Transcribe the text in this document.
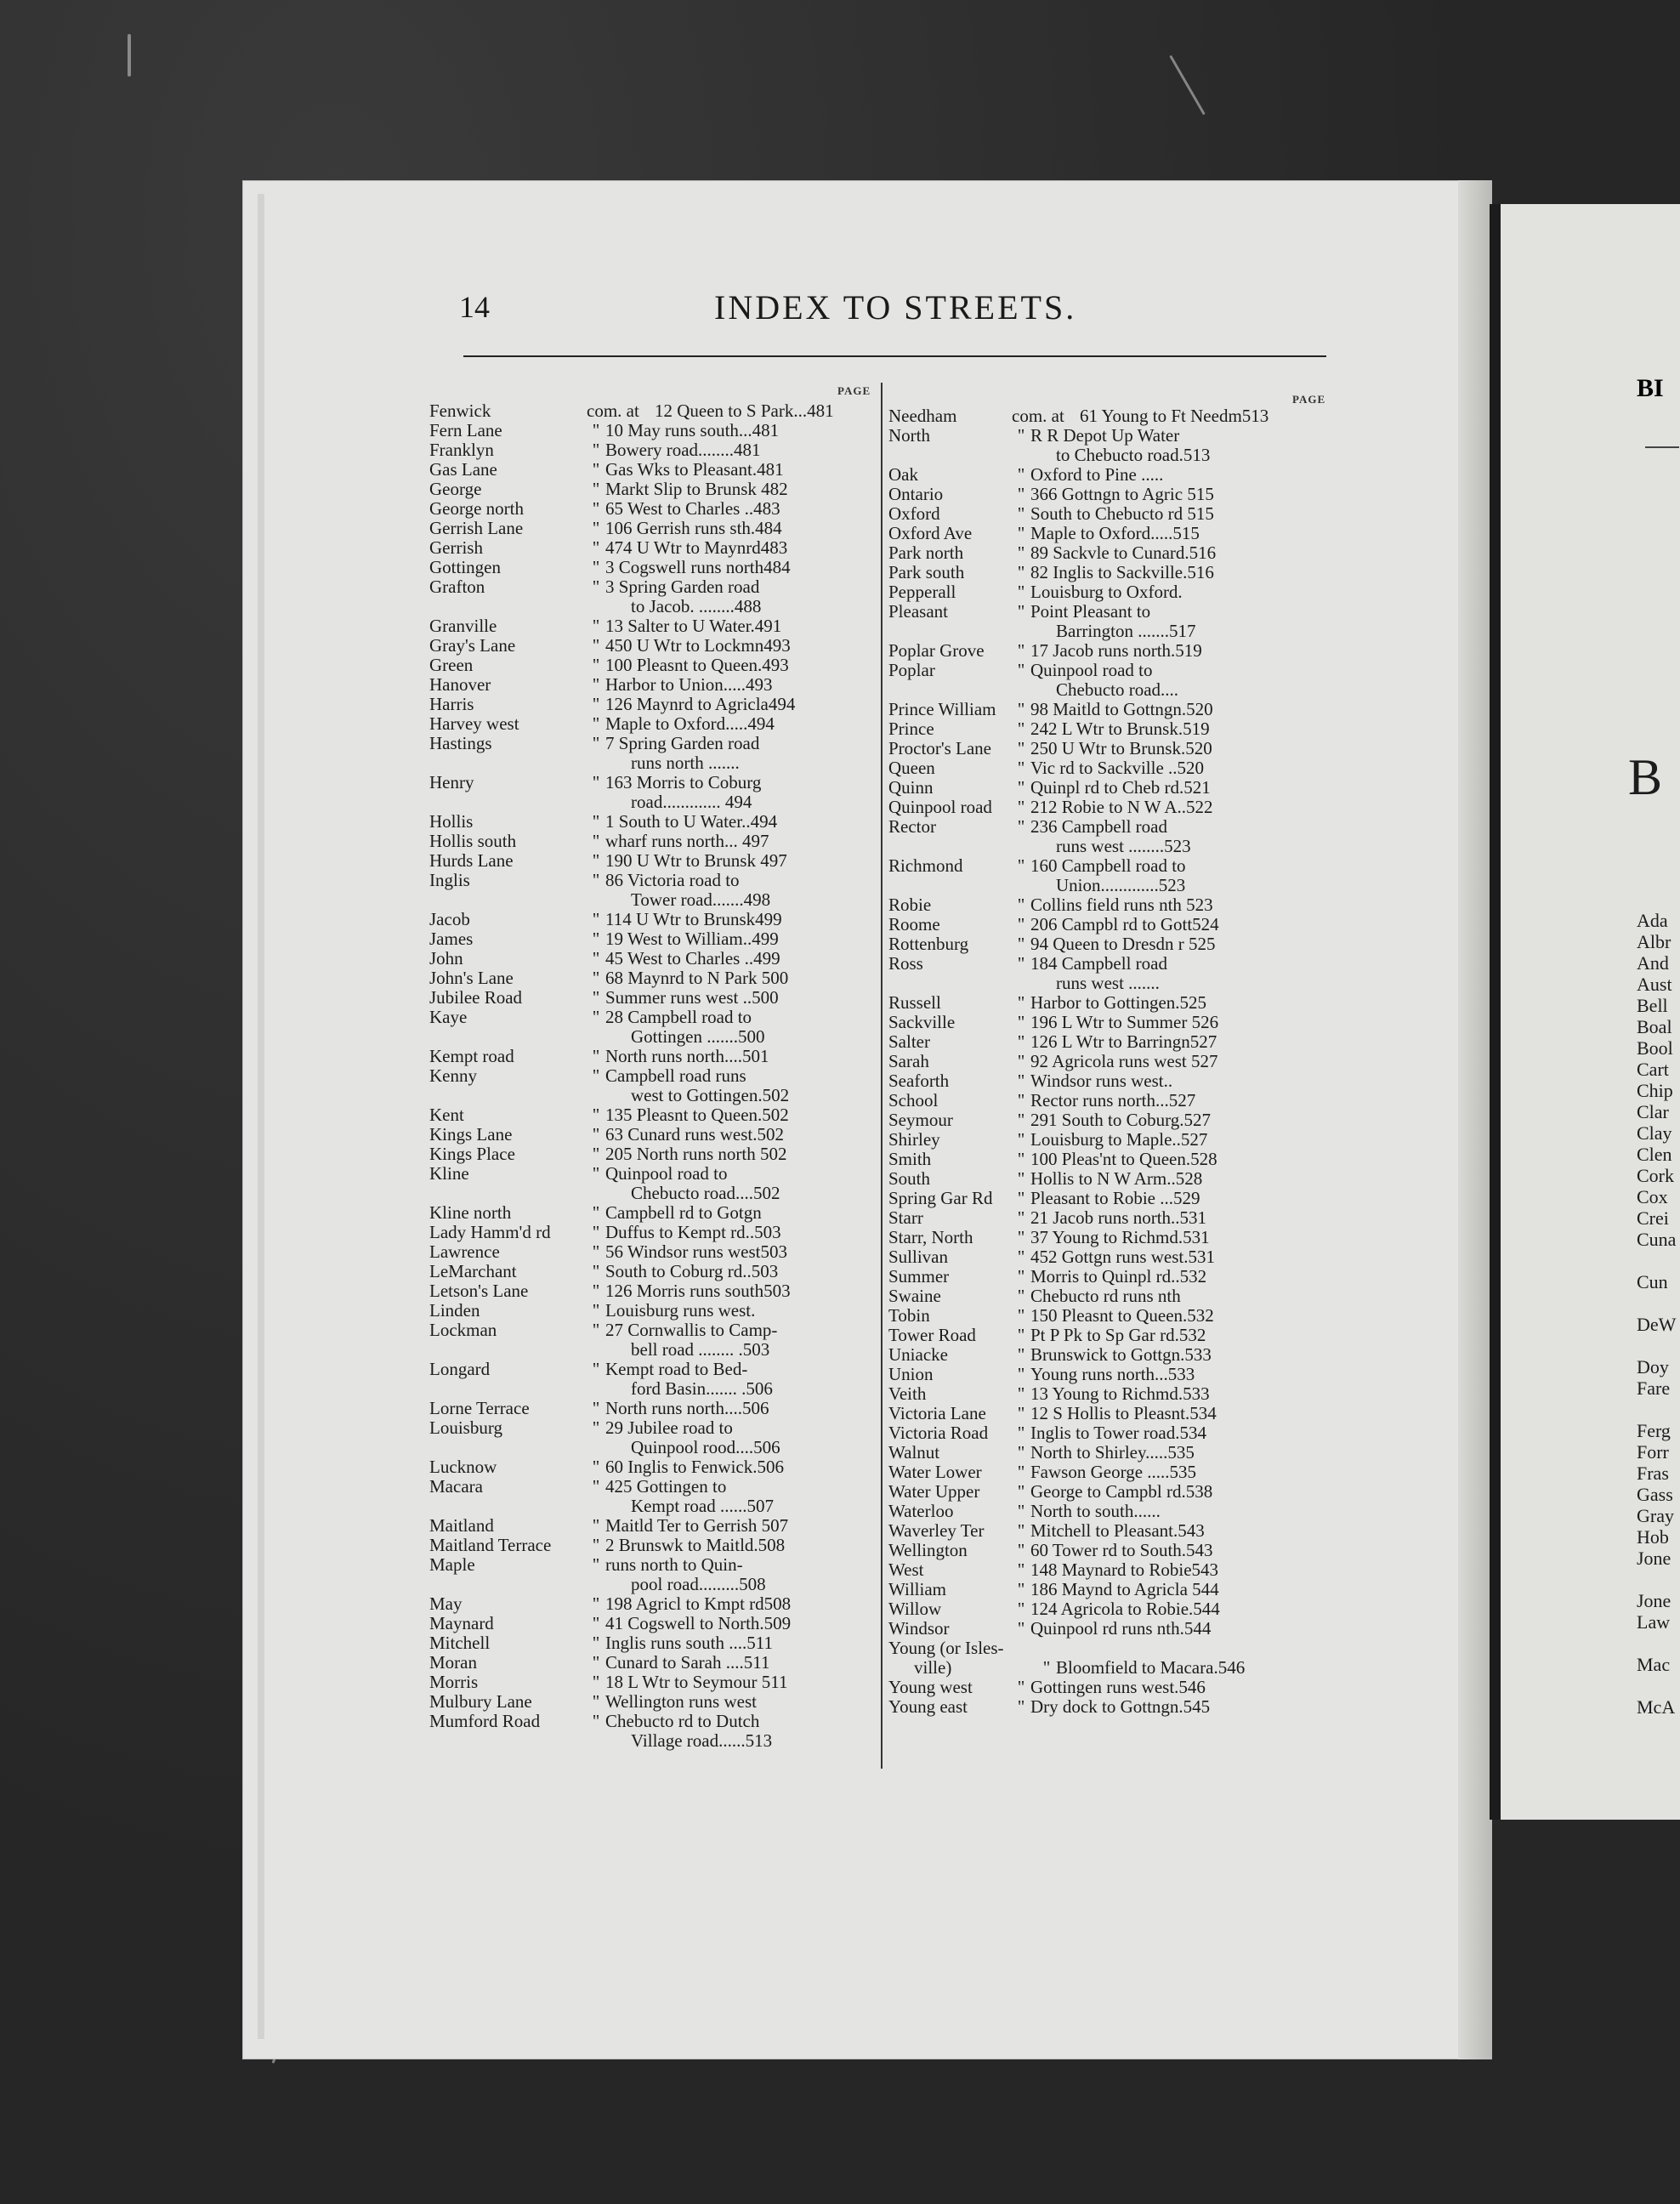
14	INDEX TO STREETS.
PAGE
PAGE
Fenwick	com. at 12 Queen to S Park...481
Fern Lane	" 10 May runs south...481
Franklyn	" Bowery road........481
Gas Lane	" Gas Wks to Pleasant.481
George	" Markt Slip to Brunsk 482
George north	" 65 West to Charles ..483
Gerrish Lane	" 106 Gerrish runs sth.484
Gerrish	" 474 U Wtr to Maynrd483
Gottingen	" 3 Cogswell runs north484
Grafton	" 3 Spring Garden road
to Jacob. ........488
Granville	" 13 Salter to U Water.491
Gray's Lane	" 450 U Wtr to Lockmn493
Green	" 100 Pleasnt to Queen.493
Hanover	" Harbor to Union.....493
Harris	" 126 Maynrd to Agricla494
Harvey west	" Maple to Oxford.....494
Hastings	" 7 Spring Garden road
runs north .......
Henry	" 163 Morris to Coburg
road............. 494
Hollis	" 1 South to U Water..494
Hollis south	" wharf runs north... 497
Hurds Lane	" 190 U Wtr to Brunsk 497
Inglis	" 86 Victoria road to
Tower road.......498
Jacob	" 114 U Wtr to Brunsk499
James	" 19 West to William..499
John	" 45 West to Charles ..499
John's Lane	" 68 Maynrd to N Park 500
Jubilee Road	" Summer runs west ..500
Kaye	" 28 Campbell road to
Gottingen .......500
Kempt road	" North runs north....501
Kenny	" Campbell road runs
west to Gottingen.502
Kent	" 135 Pleasnt to Queen.502
Kings Lane	" 63 Cunard runs west.502
Kings Place	" 205 North runs north 502
Kline	" Quinpool road to
Chebucto road....502
Kline north	" Campbell rd to Gotgn
Lady Hamm'd rd	" Duffus to Kempt rd..503
Lawrence	" 56 Windsor runs west503
LeMarchant	" South to Coburg rd..503
Letson's Lane	" 126 Morris runs south503
Linden	" Louisburg runs west.
Lockman	" 27 Cornwallis to Camp-
bell road ........ .503
Longard	" Kempt road to Bed-
ford Basin....... .506
Lorne Terrace	" North runs north....506
Louisburg	" 29 Jubilee road to
Quinpool rood....506
Lucknow	" 60 Inglis to Fenwick.506
Macara	" 425 Gottingen to
Kempt road ......507
Maitland	" Maitld Ter to Gerrish 507
Maitland Terrace	" 2 Brunswk to Maitld.508
Maple	" runs north to Quin-
pool road.........508
May	" 198 Agricl to Kmpt rd508
Maynard	" 41 Cogswell to North.509
Mitchell	" Inglis runs south ....511
Moran	" Cunard to Sarah ....511
Morris	" 18 L Wtr to Seymour 511
Mulbury Lane	" Wellington runs west
Mumford Road	" Chebucto rd to Dutch
Village road......513
Needham	com. at 61 Young to Ft Needm513
North	" R R Depot Up Water
to Chebucto road.513
Oak	" Oxford to Pine .....
Ontario	" 366 Gottngn to Agric 515
Oxford	" South to Chebucto rd 515
Oxford Ave	" Maple to Oxford.....515
Park north	" 89 Sackvle to Cunard.516
Park south	" 82 Inglis to Sackville.516
Pepperall	" Louisburg to Oxford.
Pleasant	" Point Pleasant to
Barrington .......517
Poplar Grove	" 17 Jacob runs north.519
Poplar	" Quinpool road to
Chebucto road....
Prince William	" 98 Maitld to Gottngn.520
Prince	" 242 L Wtr to Brunsk.519
Proctor's Lane	" 250 U Wtr to Brunsk.520
Queen	" Vic rd to Sackville ..520
Quinn	" Quinpl rd to Cheb rd.521
Quinpool road	" 212 Robie to N W A..522
Rector	" 236 Campbell road
runs west ........523
Richmond	" 160 Campbell road to
Union.............523
Robie	" Collins field runs nth 523
Roome	" 206 Campbl rd to Gott524
Rottenburg	" 94 Queen to Dresdn r 525
Ross	" 184 Campbell road
runs west .......
Russell	" Harbor to Gottingen.525
Sackville	" 196 L Wtr to Summer 526
Salter	" 126 L Wtr to Barringn527
Sarah	" 92 Agricola runs west 527
Seaforth	" Windsor runs west..
School	" Rector runs north...527
Seymour	" 291 South to Coburg.527
Shirley	" Louisburg to Maple..527
Smith	" 100 Pleas'nt to Queen.528
South	" Hollis to N W Arm..528
Spring Gar Rd	" Pleasant to Robie ...529
Starr	" 21 Jacob runs north..531
Starr, North	" 37 Young to Richmd.531
Sullivan	" 452 Gottgn runs west.531
Summer	" Morris to Quinpl rd..532
Swaine	" Chebucto rd runs nth
Tobin	" 150 Pleasnt to Queen.532
Tower Road	" Pt P Pk to Sp Gar rd.532
Uniacke	" Brunswick to Gottgn.533
Union	" Young runs north...533
Veith	" 13 Young to Richmd.533
Victoria Lane	" 12 S Hollis to Pleasnt.534
Victoria Road	" Inglis to Tower road.534
Walnut	" North to Shirley.....535
Water Lower	" Fawson George .....535
Water Upper	" George to Campbl rd.538
Waterloo	" North to south......
Waverley Ter	" Mitchell to Pleasant.543
Wellington	" 60 Tower rd to South.543
West	" 148 Maynard to Robie543
William	" 186 Maynd to Agricla 544
Willow	" 124 Agricola to Robie.544
Windsor	" Quinpool rd runs nth.544
Young (or Isles-
ville)	" Bloomfield to Macara.546
Young west	" Gottingen runs west.546
Young east	" Dry dock to Gottngn.545
BI
B
Ada
Albr
And
Aust
Bell
Boal
Bool
Cart
Chip
Clar
Clay
Clen
Cork
Cox
Crei
Cuna
Cun
DeW
Doy
Fare
Ferg
Forr
Fras
Gass
Gray
Hob
Jone
Jone
Law
Mac
McA
